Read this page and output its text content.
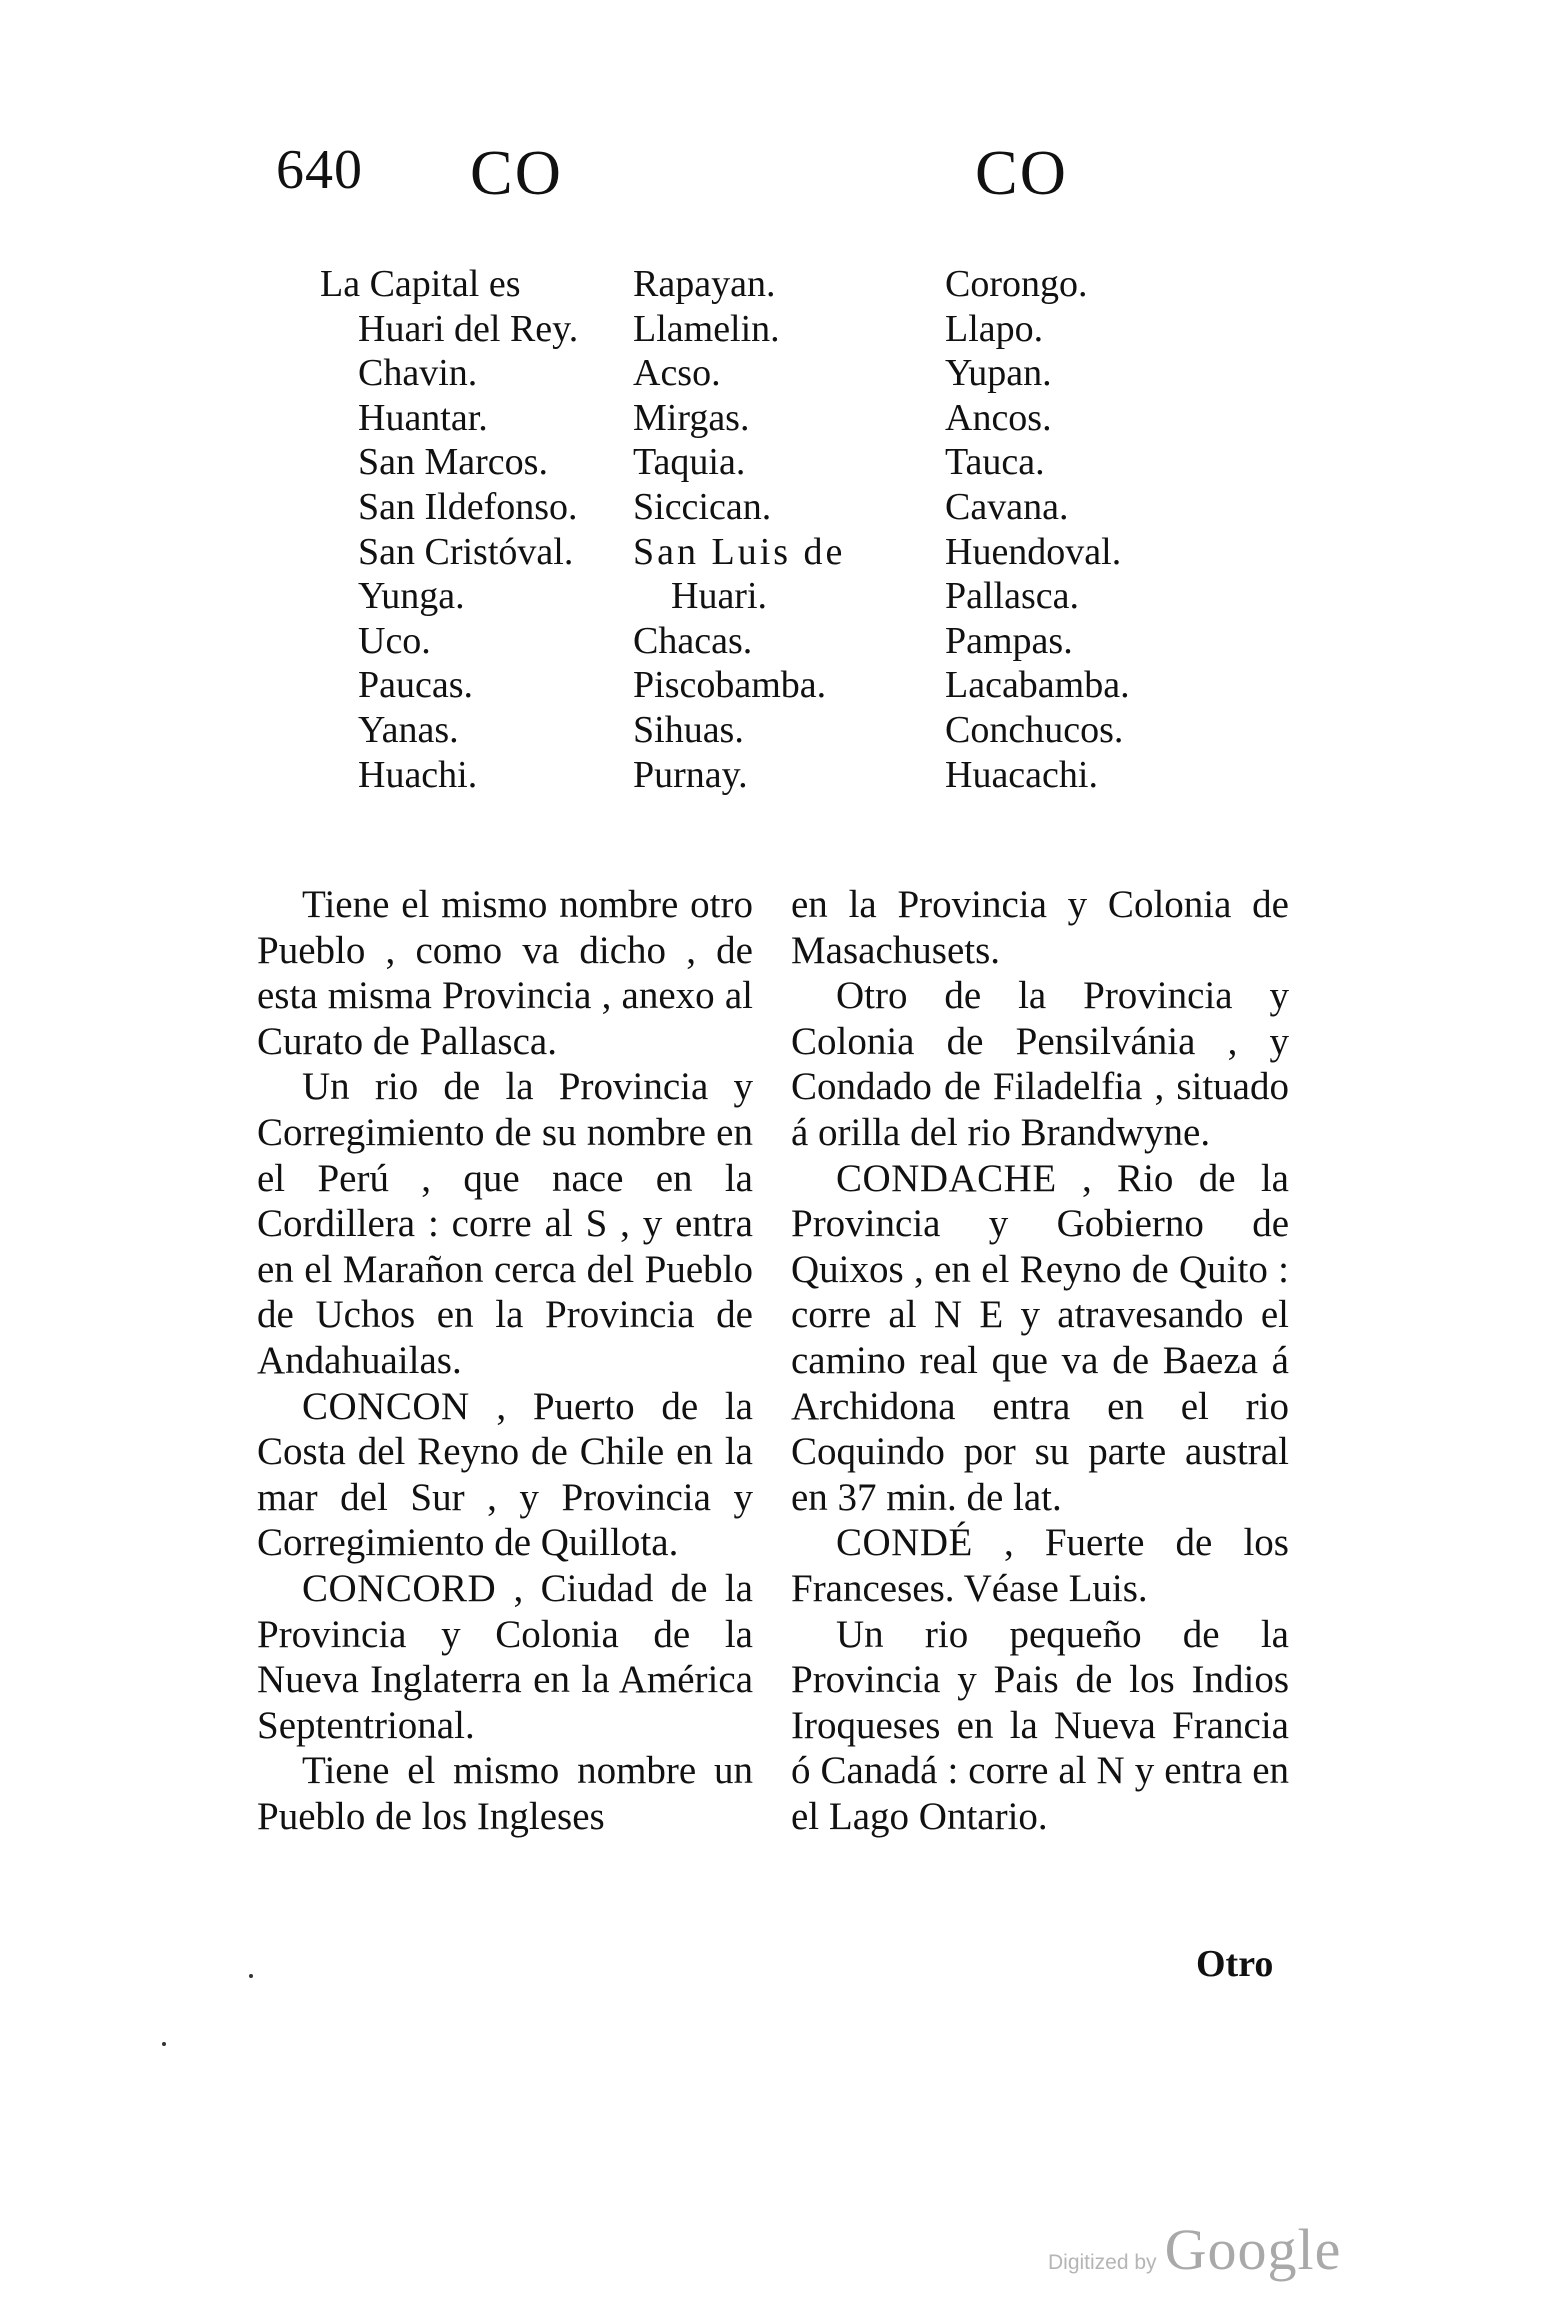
640 CO	CO
La Capital es
Huari del Rey.
Chavin.
Huantar.
San Marcos.
San Ildefonso.
San Cristóval.
Yunga.
Uco.
Paucas.
Yanas.
Huachi.
Rapayan.
Llamelin.
Acso.
Mirgas.
Taquia.
Siccican.
San Luis de
Huari.
Chacas.
Piscobamba.
Sihuas.
Purnay.
Corongo.
Llapo.
Yupan.
Ancos.
Tauca.
Cavana.
Huendoval.
Pallasca.
Pampas.
Lacabamba.
Conchucos.
Huacachi.

Tiene el mismo nombre otro Pueblo , como va dicho , de esta misma Provincia , anexo al Curato de Pallasca.

Un rio de la Provincia y Corregimiento de su nombre en el Perú , que nace en la Cordillera : corre al S , y entra en el Marañon cerca del Pueblo de Uchos en la Provincia de Andahuailas.

CONCON , Puerto de la Costa del Reyno de Chile en la mar del Sur , y Provincia y Corregimiento de Quillota.

CONCORD , Ciudad de la Provincia y Colonia de la Nueva Inglaterra en la América Septentrional.

Tiene el mismo nombre un Pueblo de los Ingleses

en la Provincia y Colonia de Masachusets.

Otro de la Provincia y Colonia de Pensilvánia , y Condado de Filadelfia , situado á orilla del rio Brandwyne.

CONDACHE , Rio de la Provincia y Gobierno de Quixos , en el Reyno de Quito : corre al N E y atravesando el camino real que va de Baeza á Archidona entra en el rio Coquindo por su parte austral en 37 min. de lat.

CONDÉ , Fuerte de los Franceses. Véase Luis.

Un rio pequeño de la Provincia y Pais de los Indios Iroqueses en la Nueva Francia ó Canadá : corre al N y entra en el Lago Ontario.

Otro
Digitized by Google
